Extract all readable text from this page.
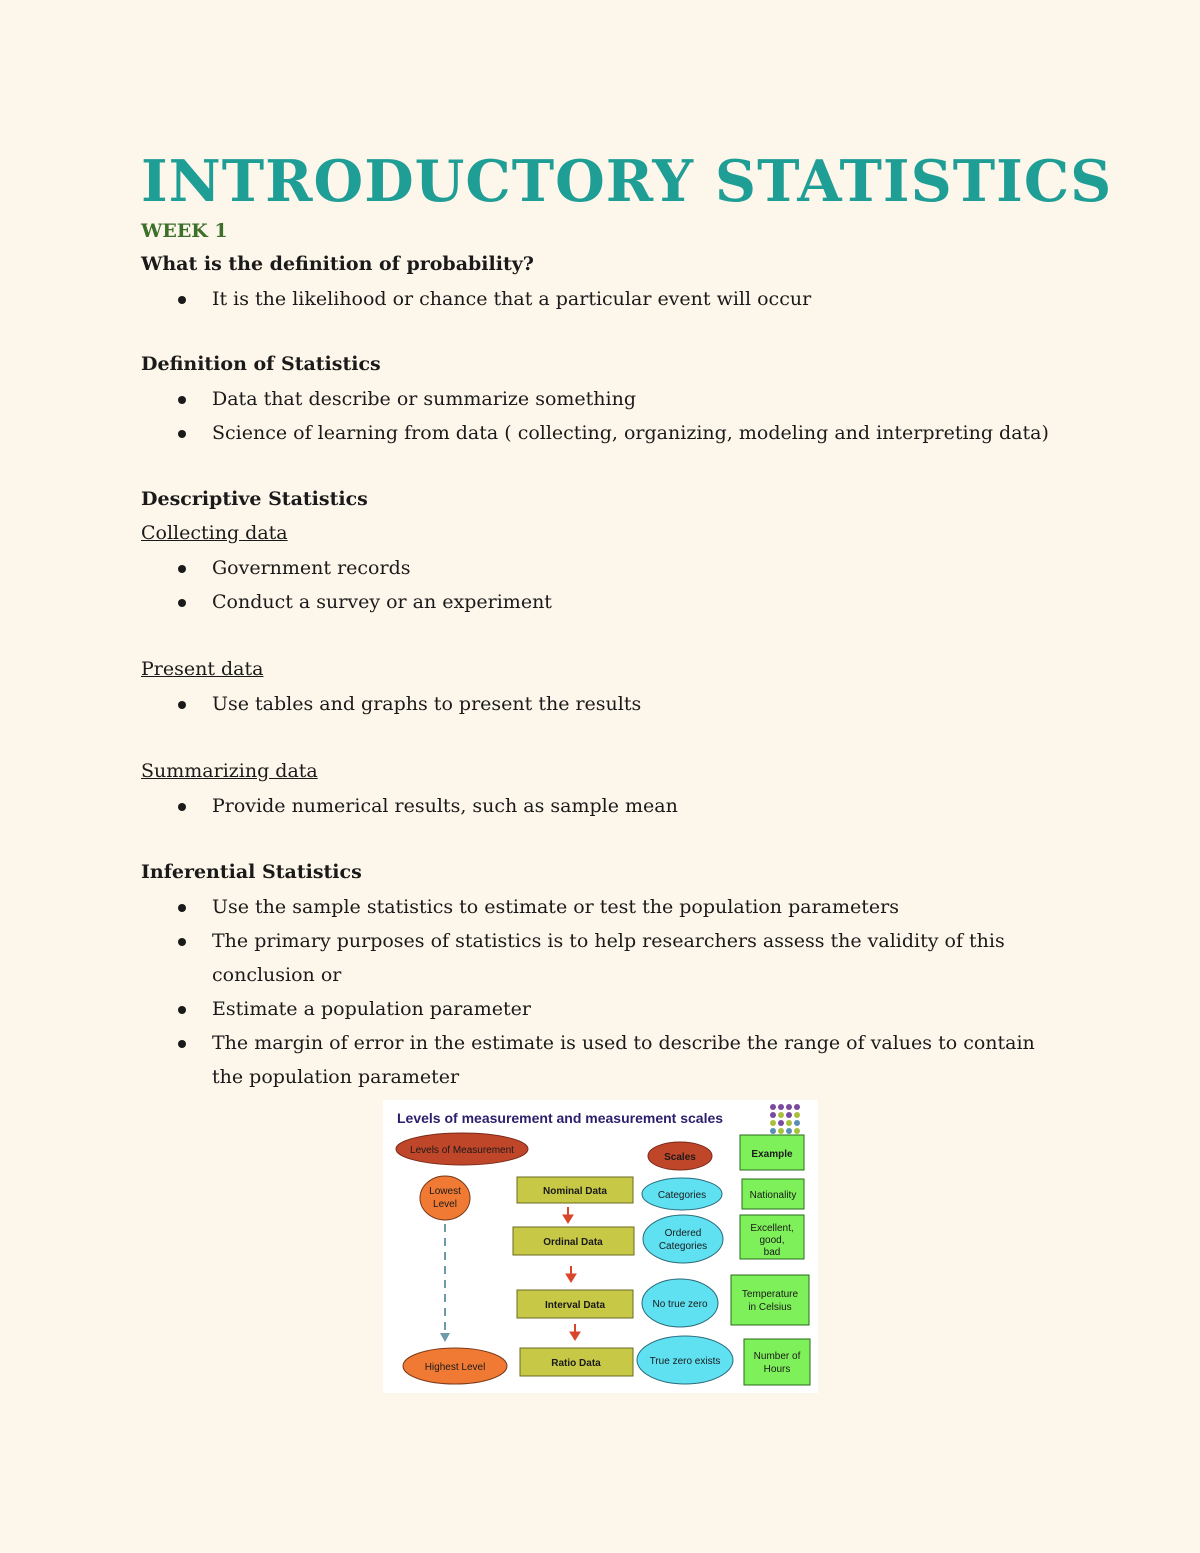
INTRODUCTORY STATISTICS
WEEK 1
What is the definition of probability?
It is the likelihood or chance that a particular event will occur
Definition of Statistics
Data that describe or summarize something
Science of learning from data ( collecting, organizing, modeling and interpreting data)
Descriptive Statistics
Collecting data
Government records
Conduct a survey or an experiment
Present data
Use tables and graphs to present the results
Summarizing data
Provide numerical results, such as sample mean
Inferential Statistics
Use the sample statistics to estimate or test the population parameters
The primary purposes of statistics is to help researchers assess the validity of this conclusion or
Estimate a population parameter
The margin of error in the estimate is used to describe the range of values to contain the population parameter
Levels of measurement and measurement scales
Levels of Measurement
Lowest
Level
Highest Level
Nominal Data
Ordinal Data
Interval Data
Ratio Data
Scales
Categories
Ordered
Categories
No true zero
True zero exists
Example
Nationality
Excellent,
good,
bad
Temperature
in Celsius
Number of
Hours
